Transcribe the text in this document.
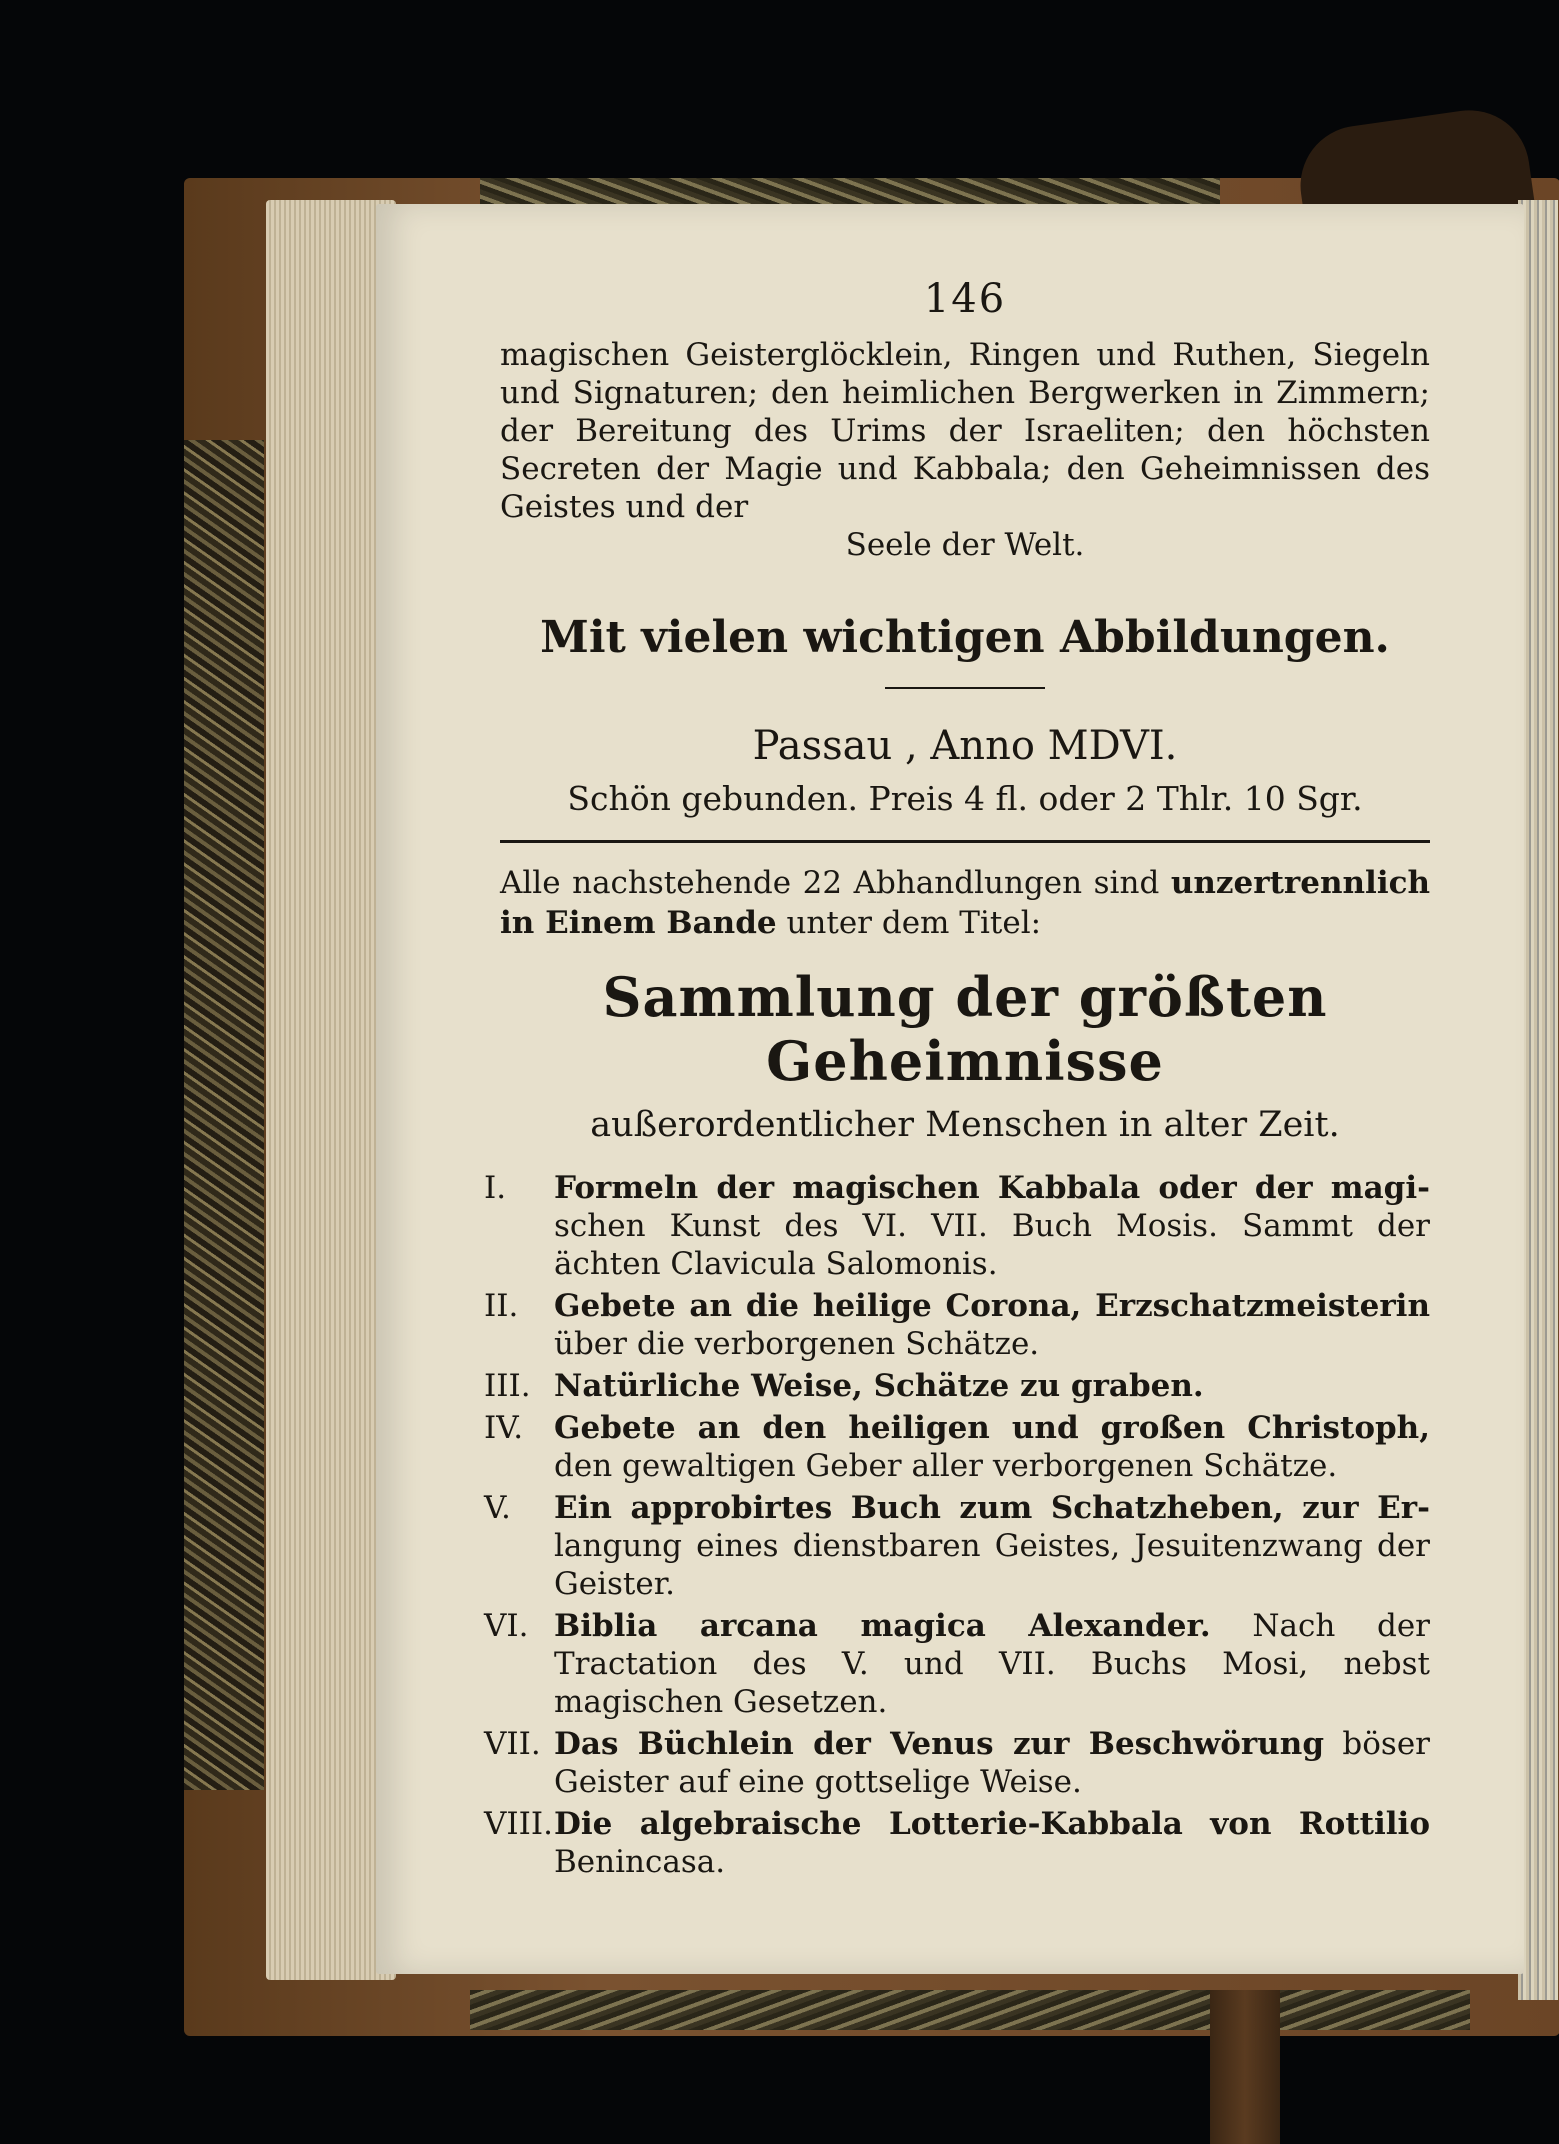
146

magischen Geisterglöcklein, Ringen und Ruthen, Siegeln und Signaturen; den heimlichen Bergwerken in Zimmern; der Bereitung des Urims der Israeliten; den höchsten Secreten der Magie und Kabbala; den Geheimnissen des Geistes und der

Seele der Welt.

Mit vielen wichtigen Abbildungen.
Passau , Anno MDVI.
Schön gebunden. Preis 4 fl. oder 2 Thlr. 10 Sgr.

Alle nachstehende 22 Abhandlungen sind unzertrennlich in Einem Bande unter dem Titel:

Sammlung der größten Geheimnisse
außerordentlicher Menschen in alter Zeit.
I.	Formeln der magischen Kabbala oder der magi- schen Kunst des VI. VII. Buch Mosis. Sammt der ächten Clavicula Salomonis.
II.	Gebete an die heilige Corona, Erzschatzmeisterin über die verborgenen Schätze.
III. Natürliche Weise, Schätze zu graben.
IV. Gebete an den heiligen und großen Christoph, den gewaltigen Geber aller verborgenen Schätze.
V.	Ein approbirtes Buch zum Schatzheben, zur Er- langung eines dienstbaren Geistes, Jesuitenzwang der Geister.
VI. Biblia arcana magica Alexander. Nach der Tractation des V. und VII. Buchs Mosi, nebst magischen Gesetzen.
VII. Das Büchlein der Venus zur Beschwörung böser Geister auf eine gottselige Weise.
VIII. Die algebraische Lotterie-Kabbala von Rottilio Benincasa.
